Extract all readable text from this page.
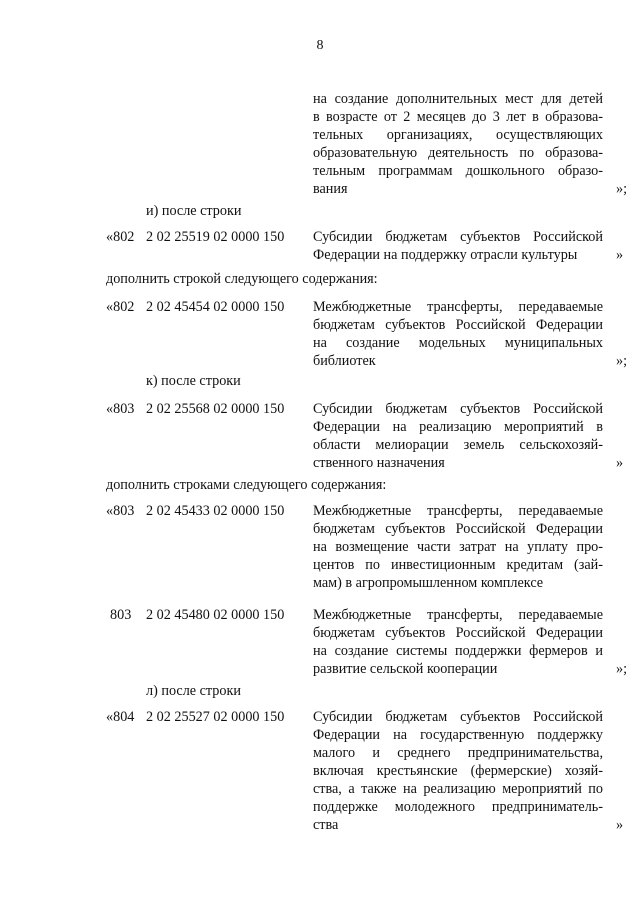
8
на создание дополнительных мест для детей
в возрасте от 2 месяцев до 3 лет в образова-
тельных организациях, осуществляющих
образовательную деятельность по образова-
тельным программам дошкольного образо-
вания	»;
и) после строки
«802 2 02 25519 02 0000 150 Субсидии бюджетам субъектов Российской
Федерации на поддержку отрасли культуры	»
дополнить строкой следующего содержания:
«802 2 02 45454 02 0000 150 Межбюджетные трансферты, передаваемые
бюджетам субъектов Российской Федерации
на создание модельных муниципальных
библиотек	»;
к) после строки
«803 2 02 25568 02 0000 150 Субсидии бюджетам субъектов Российской
Федерации на реализацию мероприятий в
области мелиорации земель сельскохозяй-
ственного назначения	»
дополнить строками следующего содержания:
«803 2 02 45433 02 0000 150 Межбюджетные трансферты, передаваемые
бюджетам субъектов Российской Федерации
на возмещение части затрат на уплату про-
центов по инвестиционным кредитам (зай-
мам) в агропромышленном комплексе
803 2 02 45480 02 0000 150 Межбюджетные трансферты, передаваемые
бюджетам субъектов Российской Федерации
на создание системы поддержки фермеров и
развитие сельской кооперации	»;
л) после строки
«804 2 02 25527 02 0000 150 Субсидии бюджетам субъектов Российской
Федерации на государственную поддержку
малого и среднего предпринимательства,
включая крестьянские (фермерские) хозяй-
ства, а также на реализацию мероприятий по
поддержке молодежного предприниматель-
ства	»
